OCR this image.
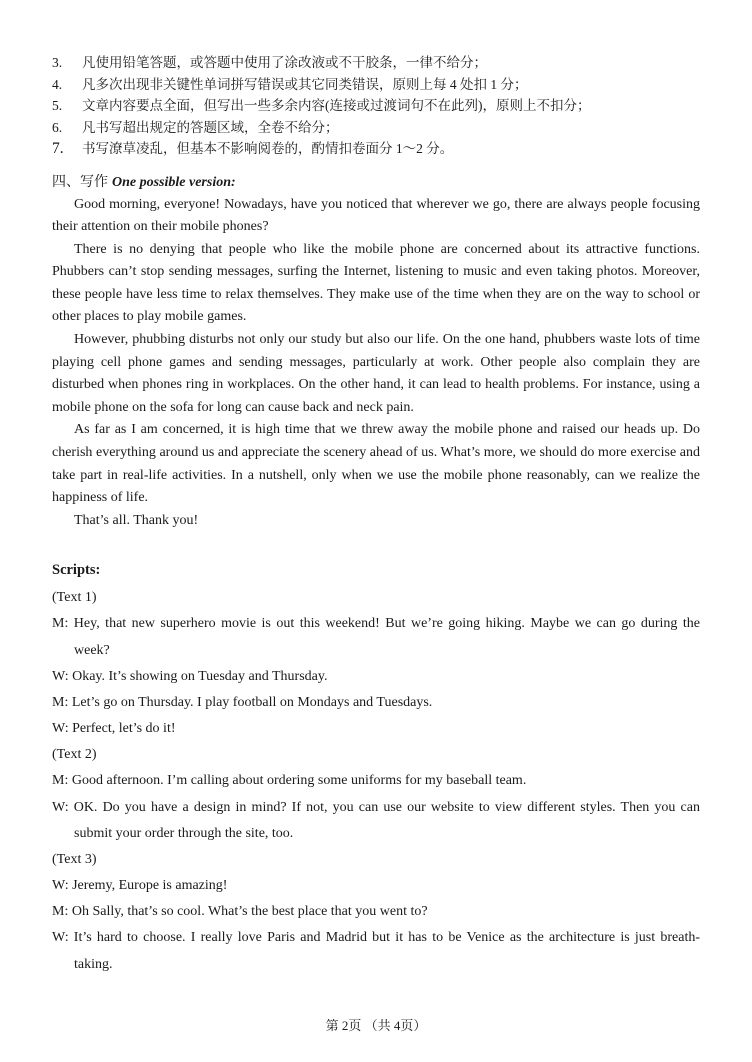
3.	凡使用铅笔答题，或答题中使用了涂改液或不干胶条，一律不给分；
4.	凡多次出现非关键性单词拼写错误或其它同类错误，原则上每 4 处扣 1 分；
5.	文章内容要点全面，但写出一些多余内容(连接或过渡词句不在此列)，原则上不扣分；
6.	凡书写超出规定的答题区域，全卷不给分；
7.	书写潦草凌乱，但基本不影响阅卷的，酌情扣卷面分 1～2 分。
四、写作 One possible version:

Good morning, everyone! Nowadays, have you noticed that wherever we go, there are always people focusing their attention on their mobile phones?

There is no denying that people who like the mobile phone are concerned about its attractive functions. Phubbers can’t stop sending messages, surfing the Internet, listening to music and even taking photos. Moreover, these people have less time to relax themselves. They make use of the time when they are on the way to school or other places to play mobile games.

However, phubbing disturbs not only our study but also our life. On the one hand, phubbers waste lots of time playing cell phone games and sending messages, particularly at work. Other people also complain they are disturbed when phones ring in workplaces. On the other hand, it can lead to health problems. For instance, using a mobile phone on the sofa for long can cause back and neck pain.

As far as I am concerned, it is high time that we threw away the mobile phone and raised our heads up. Do cherish everything around us and appreciate the scenery ahead of us. What’s more, we should do more exercise and take part in real-life activities. In a nutshell, only when we use the mobile phone reasonably, can we realize the happiness of life.

That’s all. Thank you!

Scripts:
(Text 1)
M: Hey, that new superhero movie is out this weekend! But we’re going hiking. Maybe we can go during the week?
W: Okay. It’s showing on Tuesday and Thursday.
M: Let’s go on Thursday. I play football on Mondays and Tuesdays.
W: Perfect, let’s do it!
(Text 2)
M: Good afternoon. I’m calling about ordering some uniforms for my baseball team.
W: OK. Do you have a design in mind? If not, you can use our website to view different styles. Then you can submit your order through the site, too.
(Text 3)
W: Jeremy, Europe is amazing!
M: Oh Sally, that’s so cool. What’s the best place that you went to?
W: It’s hard to choose. I really love Paris and Madrid but it has to be Venice as the architecture is just breath-taking.
第 2页 （共 4页）
